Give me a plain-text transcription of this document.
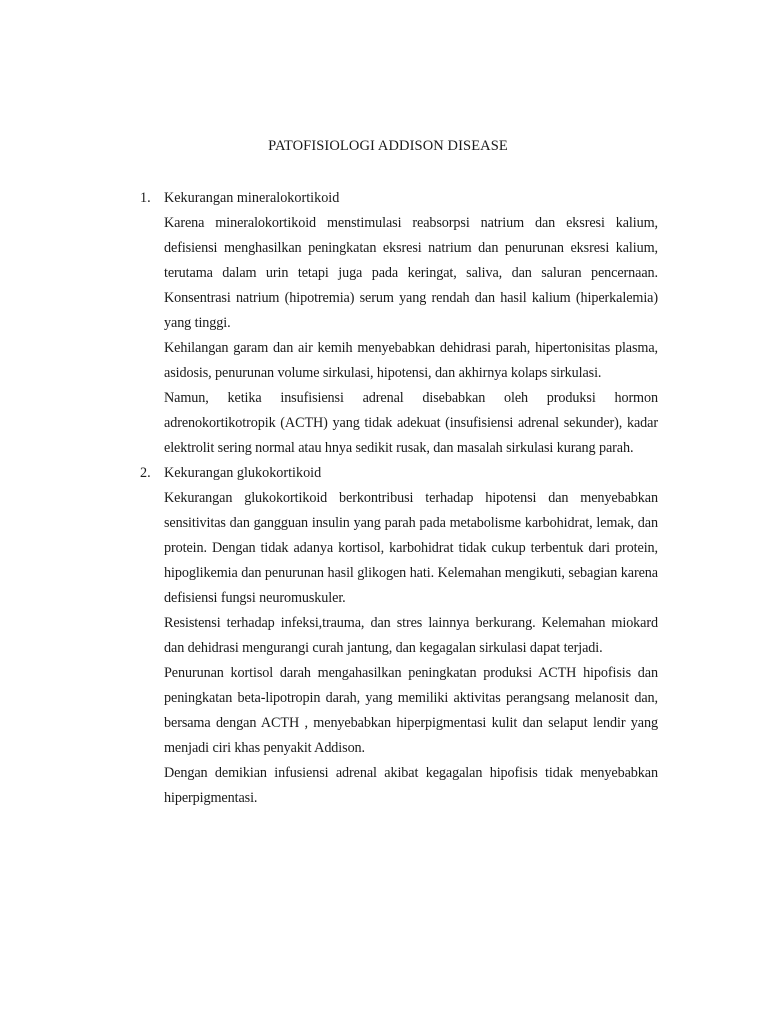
PATOFISIOLOGI ADDISON DISEASE
1. Kekurangan mineralokortikoid

Karena mineralokortikoid menstimulasi reabsorpsi natrium dan eksresi kalium, defisiensi menghasilkan peningkatan eksresi natrium dan penurunan eksresi kalium, terutama dalam urin tetapi juga pada keringat, saliva, dan saluran pencernaan. Konsentrasi natrium (hipotremia) serum yang rendah dan hasil kalium (hiperkalemia) yang tinggi.

Kehilangan garam dan air kemih menyebabkan dehidrasi parah, hipertonisitas plasma, asidosis, penurunan volume sirkulasi, hipotensi, dan akhirnya kolaps sirkulasi.

Namun, ketika insufisiensi adrenal disebabkan oleh produksi hormon adrenokortikotropik (ACTH) yang tidak adekuat (insufisiensi adrenal sekunder), kadar elektrolit sering normal atau hnya sedikit rusak, dan masalah sirkulasi kurang parah.

2. Kekurangan glukokortikoid

Kekurangan glukokortikoid berkontribusi terhadap hipotensi dan menyebabkan sensitivitas dan gangguan insulin yang parah pada metabolisme karbohidrat, lemak, dan protein. Dengan tidak adanya kortisol, karbohidrat tidak cukup terbentuk dari protein, hipoglikemia dan penurunan hasil glikogen hati. Kelemahan mengikuti, sebagian karena defisiensi fungsi neuromuskuler.

Resistensi terhadap infeksi,trauma, dan stres lainnya berkurang. Kelemahan miokard dan dehidrasi mengurangi curah jantung, dan kegagalan sirkulasi dapat terjadi.

Penurunan kortisol darah mengahasilkan peningkatan produksi ACTH hipofisis dan peningkatan beta-lipotropin darah, yang memiliki aktivitas perangsang melanosit dan, bersama dengan ACTH , menyebabkan hiperpigmentasi kulit dan selaput lendir yang menjadi ciri khas penyakit Addison.

Dengan demikian infusiensi adrenal akibat kegagalan hipofisis tidak menyebabkan hiperpigmentasi.
